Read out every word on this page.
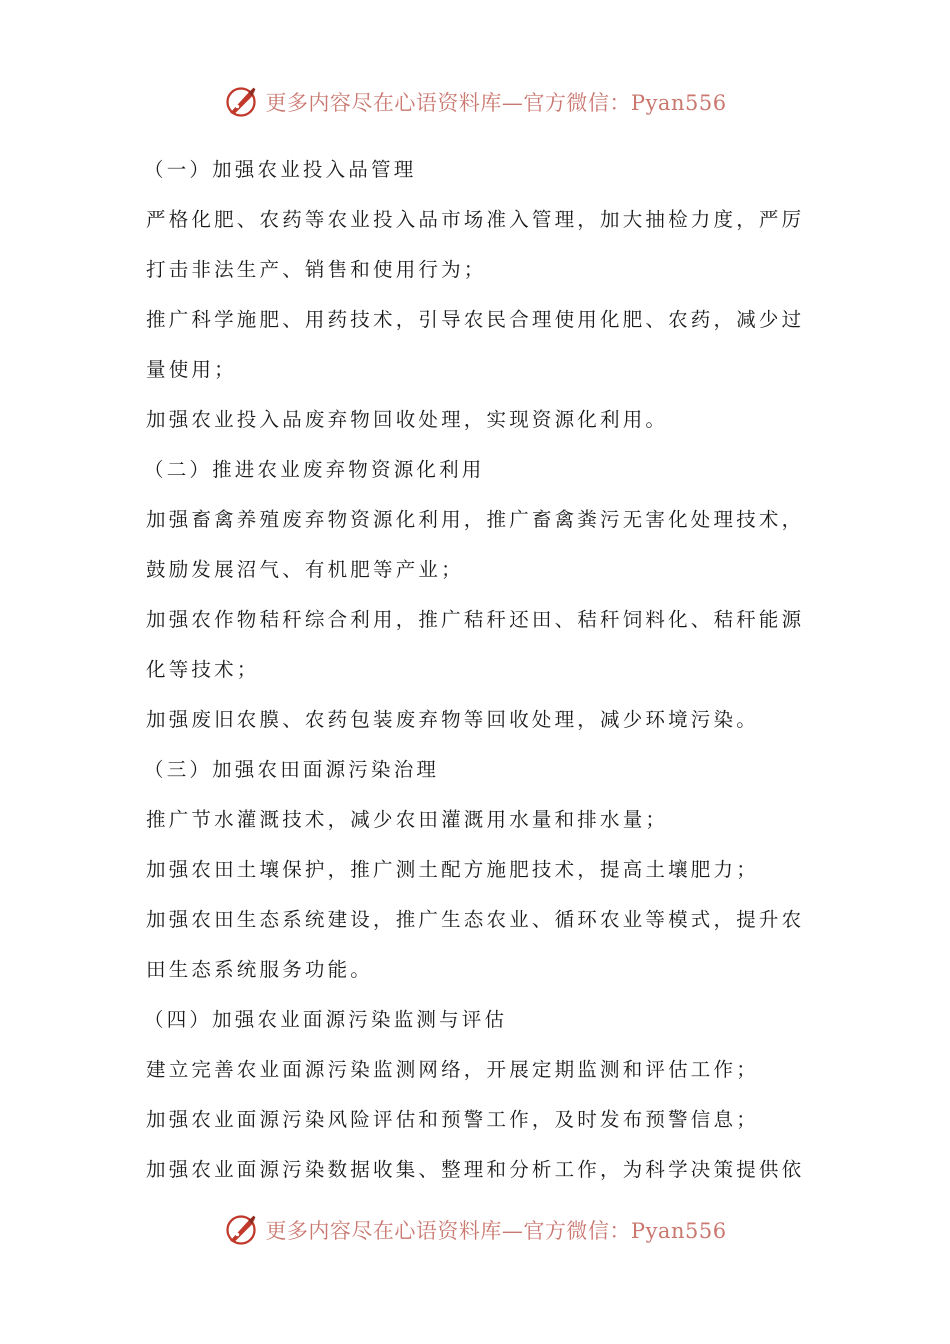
更多内容尽在心语资料库—官方微信：Pyan556
（一）加强农业投入品管理
严格化肥、农药等农业投入品市场准入管理，加大抽检力度，严厉
打击非法生产、销售和使用行为；
推广科学施肥、用药技术，引导农民合理使用化肥、农药，减少过
量使用；
加强农业投入品废弃物回收处理，实现资源化利用。
（二）推进农业废弃物资源化利用
加强畜禽养殖废弃物资源化利用，推广畜禽粪污无害化处理技术，
鼓励发展沼气、有机肥等产业；
加强农作物秸秆综合利用，推广秸秆还田、秸秆饲料化、秸秆能源
化等技术；
加强废旧农膜、农药包装废弃物等回收处理，减少环境污染。
（三）加强农田面源污染治理
推广节水灌溉技术，减少农田灌溉用水量和排水量；
加强农田土壤保护，推广测土配方施肥技术，提高土壤肥力；
加强农田生态系统建设，推广生态农业、循环农业等模式，提升农
田生态系统服务功能。
（四）加强农业面源污染监测与评估
建立完善农业面源污染监测网络，开展定期监测和评估工作；
加强农业面源污染风险评估和预警工作，及时发布预警信息；
加强农业面源污染数据收集、整理和分析工作，为科学决策提供依
更多内容尽在心语资料库—官方微信：Pyan556
